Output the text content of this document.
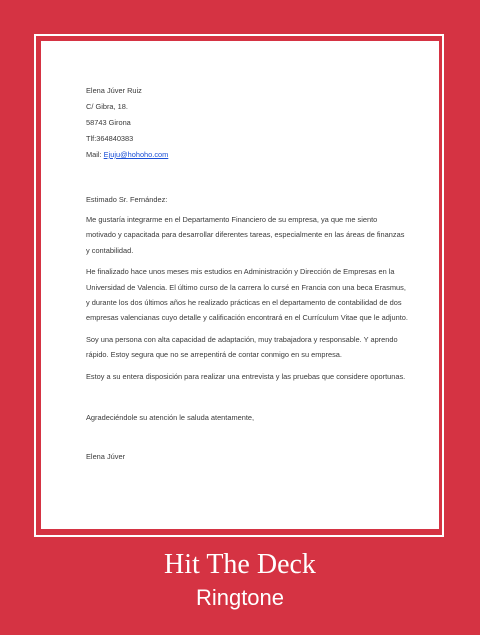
Elena Júver Ruiz
C/ Gibra, 18.
58743 Girona
Tlf:364840383
Mail: Ejuju@hohoho.com
Estimado Sr. Fernández:
Me gustaría integrarme en el Departamento Financiero de su empresa, ya que me siento motivado y capacitada para desarrollar diferentes tareas, especialmente en las áreas de finanzas y contabilidad.
He finalizado hace unos meses mis estudios en Administración y Dirección de Empresas en la Universidad de Valencia. El último curso de la carrera lo cursé en Francia con una beca Erasmus, y durante los dos últimos años he realizado prácticas en el departamento de contabilidad de dos empresas valencianas cuyo detalle y calificación encontrará en el Currículum Vitae que le adjunto.
Soy una persona con alta capacidad de adaptación, muy trabajadora y responsable. Y aprendo rápido. Estoy segura que no se arrepentirá de contar conmigo en su empresa.
Estoy a su entera disposición para realizar una entrevista y las pruebas que considere oportunas.
Agradeciéndole su atención le saluda atentamente,
Elena Júver
Hit The Deck
Ringtone
